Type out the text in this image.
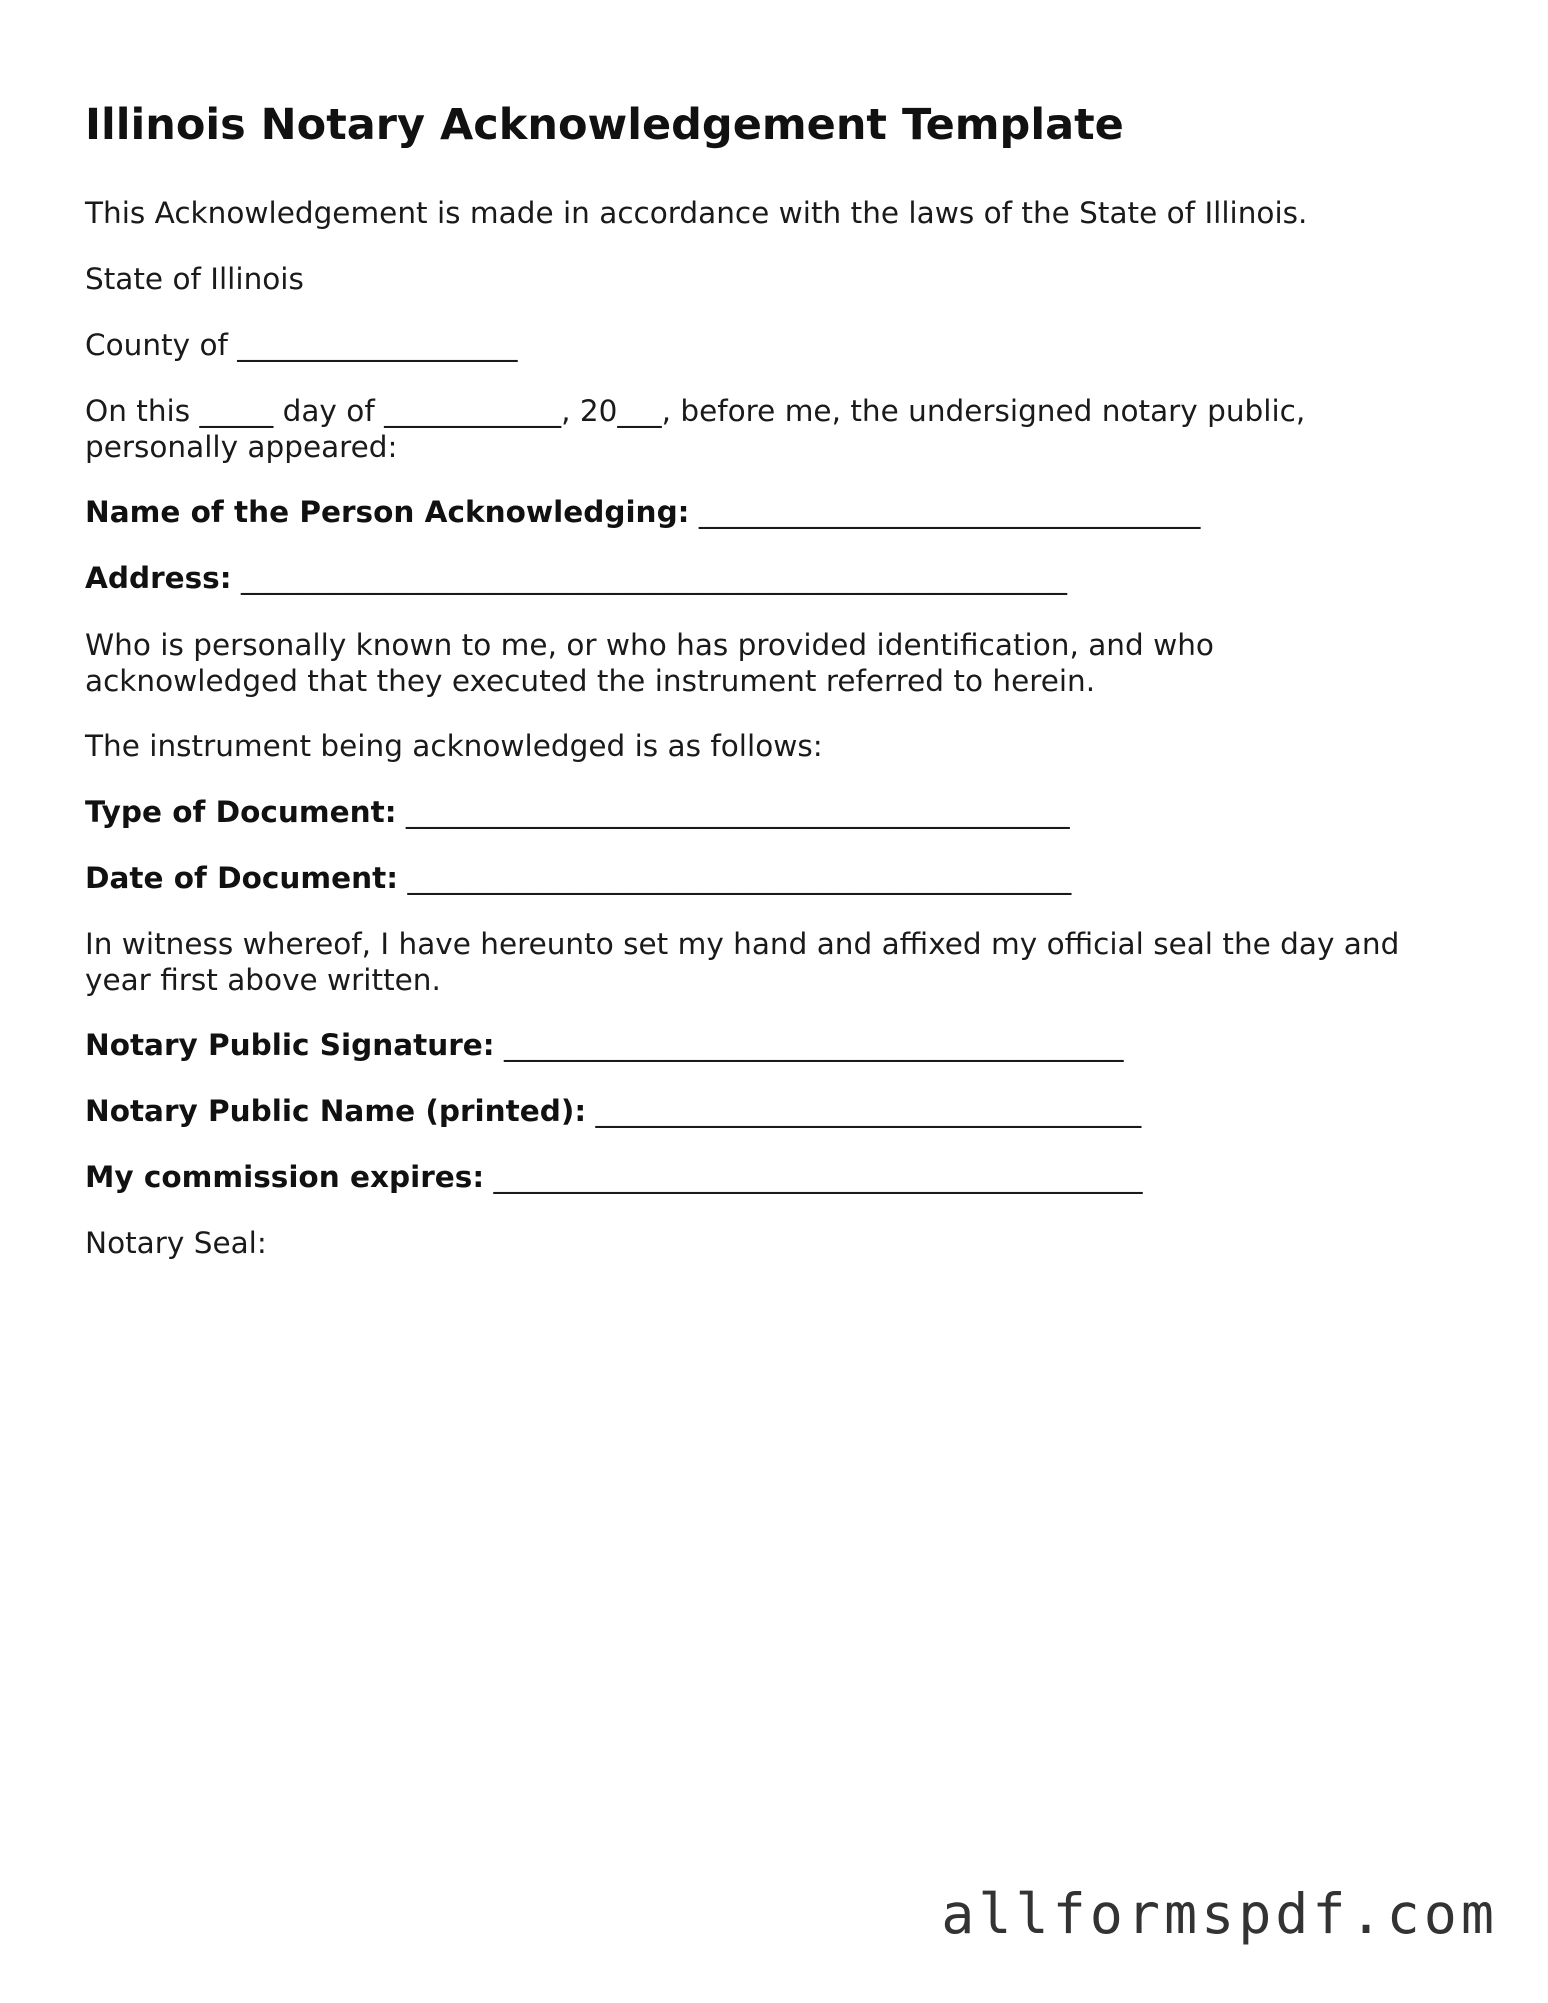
Illinois Notary Acknowledgement Template

This Acknowledgement is made in accordance with the laws of the State of Illinois.

State of Illinois

County of ___________________

On this _____ day of ____________, 20___, before me, the undersigned notary public, personally appeared:

Name of the Person Acknowledging: __________________________________

Address: ________________________________________________________

Who is personally known to me, or who has provided identification, and who acknowledged that they executed the instrument referred to herein.

The instrument being acknowledged is as follows:

Type of Document: _____________________________________________

Date of Document: _____________________________________________

In witness whereof, I have hereunto set my hand and affixed my official seal the day and year first above written.

Notary Public Signature: __________________________________________

Notary Public Name (printed): _____________________________________

My commission expires: ____________________________________________

Notary Seal:

allformspdf.com
